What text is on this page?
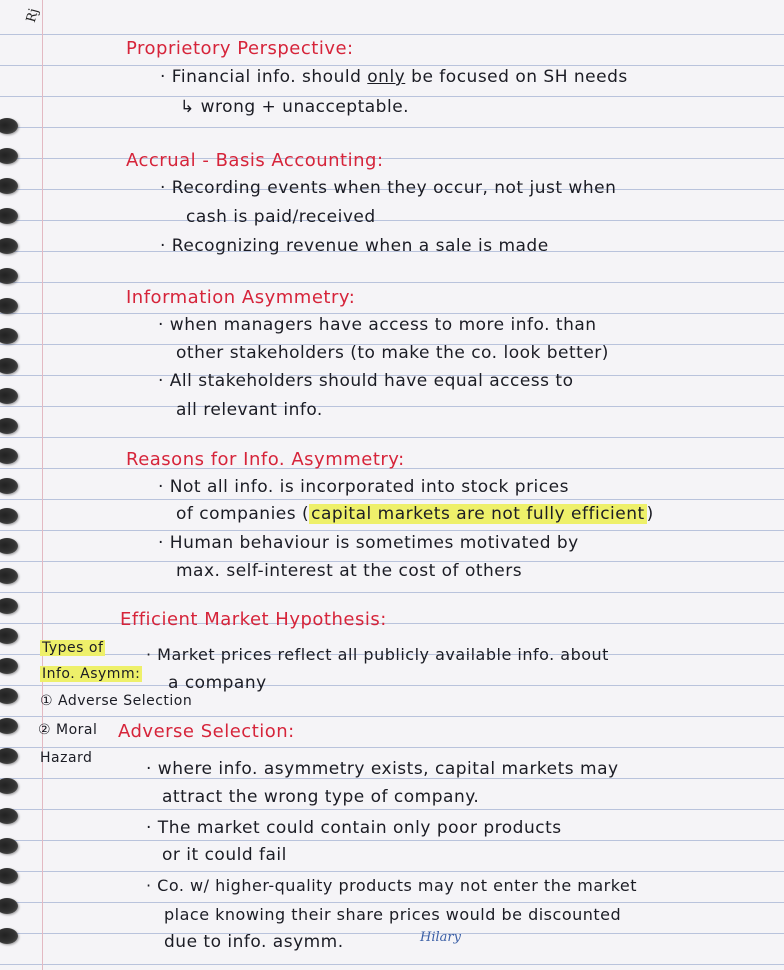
Rj
Proprietory Perspective:
· Financial info. should only be focused on SH needs
↳ wrong + unacceptable.
Accrual - Basis Accounting:
· Recording events when they occur, not just when
cash is paid/received
· Recognizing revenue when a sale is made
Information Asymmetry:
· when managers have access to more info. than
other stakeholders (to make the co. look better)
· All stakeholders should have equal access to
all relevant info.
Reasons for Info. Asymmetry:
· Not all info. is incorporated into stock prices
of companies ( capital markets are not fully efficient )
· Human behaviour is sometimes motivated by
max. self-interest at the cost of others
Efficient Market Hypothesis:
· Market prices reflect all publicly available info. about
a company
Types of
Info. Asymm:
① Adverse Selection
② Moral
Hazard
Adverse Selection:
· where info. asymmetry exists, capital markets may
attract the wrong type of company.
· The market could contain only poor products
or it could fail
· Co. w/ higher-quality products may not enter the market
place knowing their share prices would be discounted
due to info. asymm.	Hilary
